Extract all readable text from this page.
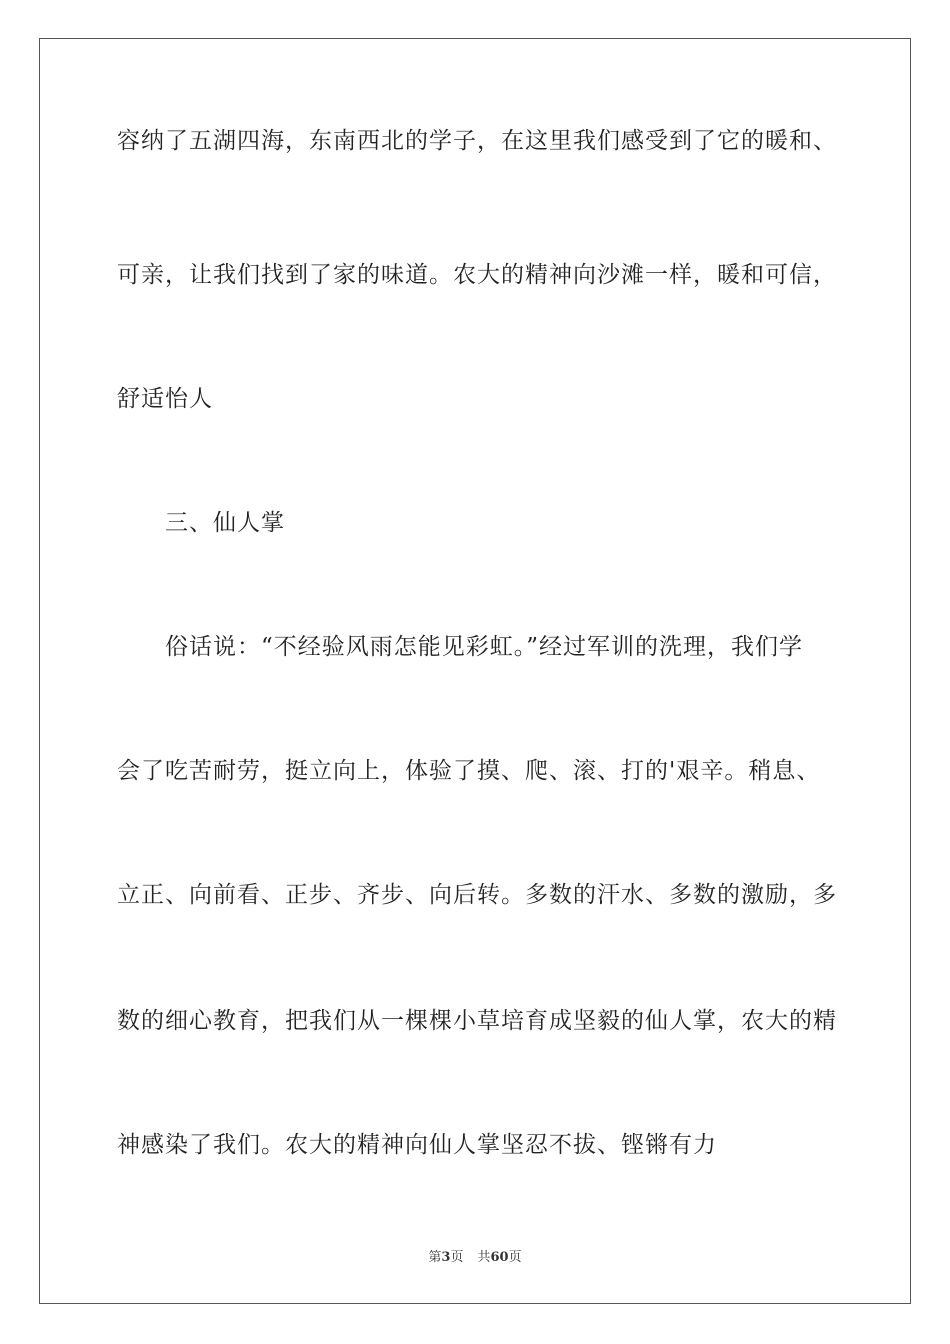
容纳了五湖四海，东南西北的学子，在这里我们感受到了它的暖和、
可亲，让我们找到了家的味道。农大的精神向沙滩一样，暖和可信，
舒适怡人
三、仙人掌
俗话说：“不经验风雨怎能见彩虹。”经过军训的洗理，我们学
会了吃苦耐劳，挺立向上，体验了摸、爬、滚、打的'艰辛。稍息、
立正、向前看、正步、齐步、向后转。多数的汗水、多数的激励，多
数的细心教育，把我们从一棵棵小草培育成坚毅的仙人掌，农大的精
神感染了我们。农大的精神向仙人掌坚忍不拔、铿锵有力
第3页 共60页
